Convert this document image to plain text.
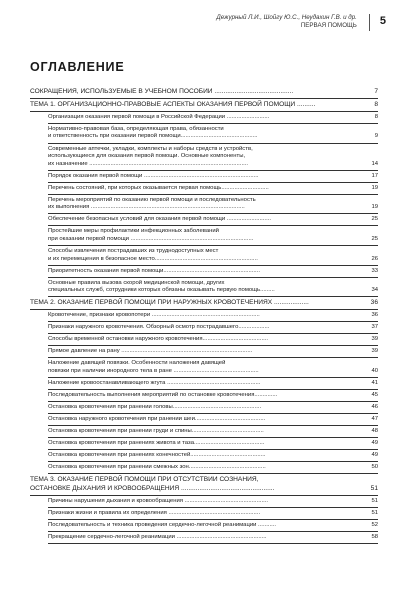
Дежурный Л.И., Шойгу Ю.С., Неудахин Г.В. и др.
ПЕРВАЯ ПОМОЩЬ 5
ОГЛАВЛЕНИЕ
СОКРАЩЕНИЯ, ИСПОЛЬЗУЕМЫЕ В УЧЕБНОМ ПОСОБИИ ...........................................	7
ТЕМА 1. ОРГАНИЗАЦИОННО-ПРАВОВЫЕ АСПЕКТЫ ОКАЗАНИЯ ПЕРВОЙ ПОМОЩИ ..........	8
Организация оказания первой помощи в Российской Федерации ..........................	8
Нормативно-правовая база, определяющая права, обязанности
и ответственность при оказании первой помощи...............................................	9
Современные аптечки, укладки, комплекты и наборы средств и устройств,
использующиеся для оказания первой помощи. Основные компоненты,
их назначение .................................................................................................	14
Порядок оказания первой помощи ......................................................................	17
Перечень состояний, при которых оказывается первая помощь.............................	19
Перечень мероприятий по оказанию первой помощи и последовательность
их выполнения ..............................................................................................	19
Обеспечение безопасных условий для оказания первой помощи ...........................	25
Простейшие меры профилактики инфекционных заболеваний
при оказании первой помощи ...........................................................................	25
Способы извлечения пострадавших из труднодоступных мест
и их перемещения в безопасное место...............................................................	26
Приоритетность оказания первой помощи...........................................................	33
Основные правила вызова скорой медицинской помощи, других
специальных служб, сотрудники которых обязаны оказывать первую помощь.........	34
ТЕМА 2. ОКАЗАНИЕ ПЕРВОЙ ПОМОЩИ ПРИ НАРУЖНЫХ КРОВОТЕЧЕНИЯХ ...................	36
Кровотечение, признаки кровопотери ..................................................................	36
Признаки наружного кровотечения. Обзорный осмотр пострадавшего...................	37
Способы временной остановки наружного кровотечения........................................	39
Прямое давление на рану ................................................................................	39
Наложение давящей повязки. Особенности наложения давящей
повязки при наличии инородного тела в ране ....................................................	40
Наложение кровоостанавливающего жгута .........................................................	41
Последовательность выполнения мероприятий по остановке кровотечения..............	45
Остановка кровотечения при ранении головы......................................................	46
Остановка наружного кровотечения при ранении шеи...........................................	47
Остановка кровотечения при ранении груди и спины............................................	48
Остановка кровотечения при ранениях живота и таза...........................................	49
Остановка кровотечения при ранениях конечностей..............................................	49
Остановка кровотечения при ранении смежных зон...............................................	50
ТЕМА 3. ОКАЗАНИЕ ПЕРВОЙ ПОМОЩИ ПРИ ОТСУТСТВИИ СОЗНАНИЯ,
ОСТАНОВКЕ ДЫХАНИЯ И КРОВООБРАЩЕНИЯ ...................................................	51
Причины нарушения дыхания и кровообращения ...................................................	51
Признаки жизни и правила их определения ........................................................	51
Последовательность и техника проведения сердечно-легочной реанимации ...........	52
Прекращение сердечно-легочной реанимации .......................................................	58
